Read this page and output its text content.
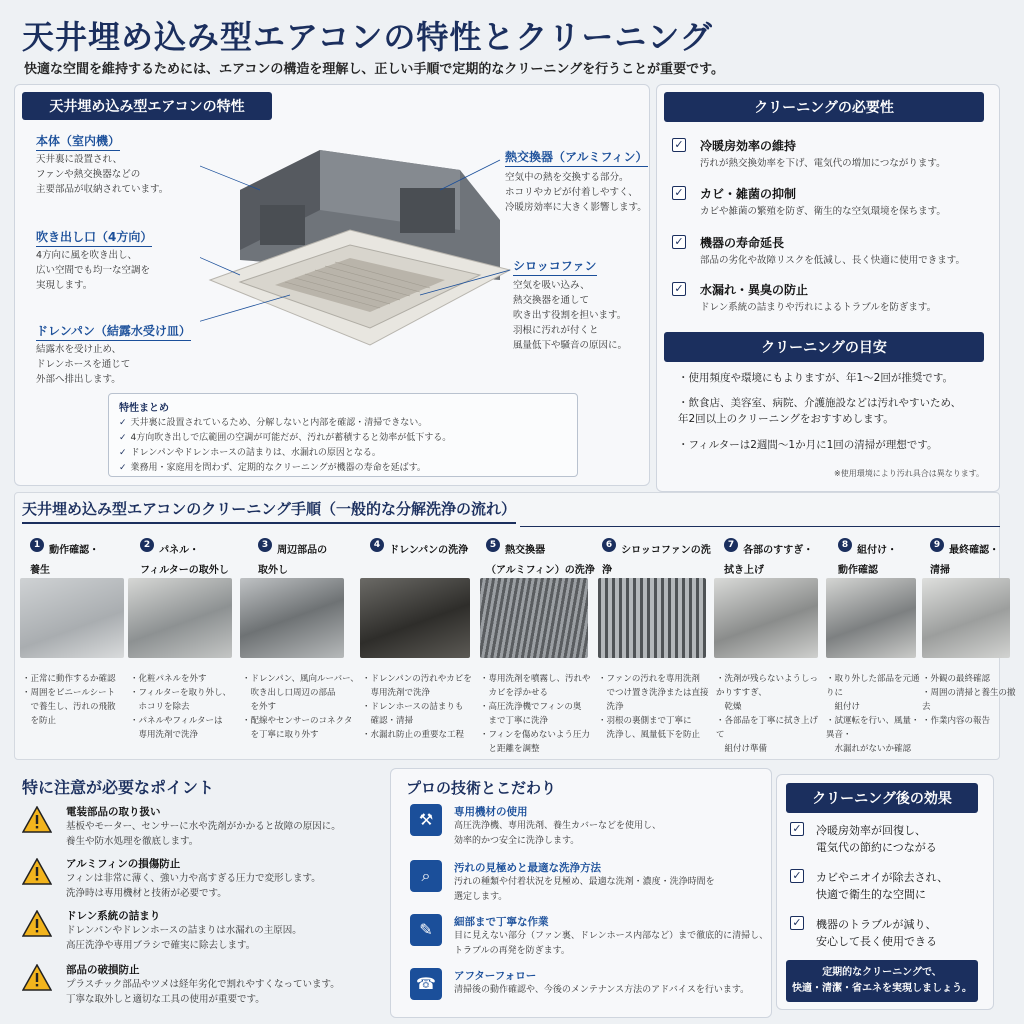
天井埋め込み型エアコンの特性とクリーニング
快適な空間を維持するためには、エアコンの構造を理解し、正しい手順で定期的なクリーニングを行うことが重要です。
天井埋め込み型エアコンの特性
本体（室内機）
天井裏に設置され、
ファンや熱交換器などの
主要部品が収納されています。
吹き出し口（4方向）
4方向に風を吹き出し、
広い空間でも均一な空調を
実現します。
ドレンパン（結露水受け皿）
結露水を受け止め、
ドレンホースを通じて
外部へ排出します。
熱交換器（アルミフィン）
空気中の熱を交換する部分。
ホコリやカビが付着しやすく、
冷暖房効率に大きく影響します。
シロッコファン
空気を吸い込み、
熱交換器を通して
吹き出す役割を担います。
羽根に汚れが付くと
風量低下や騒音の原因に。
特性まとめ
✓ 天井裏に設置されているため、分解しないと内部を確認・清掃できない。
✓ 4方向吹き出しで広範囲の空調が可能だが、汚れが蓄積すると効率が低下する。
✓ ドレンパンやドレンホースの詰まりは、水漏れの原因となる。
✓ 業務用・家庭用を問わず、定期的なクリーニングが機器の寿命を延ばす。
クリーニングの必要性
✓ 冷暖房効率の維持
汚れが熱交換効率を下げ、電気代の増加につながります。
✓ カビ・雑菌の抑制
カビや雑菌の繁殖を防ぎ、衛生的な空気環境を保ちます。
✓ 機器の寿命延長
部品の劣化や故障リスクを低減し、長く快適に使用できます。
✓ 水漏れ・異臭の防止
ドレン系統の詰まりや汚れによるトラブルを防ぎます。
クリーニングの目安
・ 使用頻度や環境にもよりますが、年1〜2回が推奨です。
・ 飲食店、美容室、病院、介護施設などは汚れやすいため、
年2回以上のクリーニングをおすすめします。
・ フィルターは2週間〜1か月に1回の清掃が理想です。
※使用環境により汚れ具合は異なります。
天井埋め込み型エアコンのクリーニング手順（一般的な分解洗浄の流れ）
1 動作確認・
養生
2 パネル・
フィルターの取外し
3 周辺部品の
取外し
4 ドレンパンの洗浄	5 熱交換器
（アルミフィン）の洗浄
6 シロッコファンの洗浄
7 各部のすすぎ・
拭き上げ
8 組付け・
動作確認
9 最終確認・
清掃
・正常に動作するか確認
・周囲をビニールシート
　で養生し、汚れの飛散
　を防止
・化粧パネルを外す
・フィルターを取り外し、
　ホコリを除去
・パネルやフィルターは
　専用洗剤で洗浄
・ドレンパン、風向ルーバー、
　吹き出し口周辺の部品
　を外す
・配線やセンサーのコネクタ
　を丁寧に取り外す
・ドレンパンの汚れやカビを
　専用洗剤で洗浄
・ドレンホースの詰まりも
　確認・清掃
・水漏れ防止の重要な工程
・専用洗剤を噴霧し、汚れや
　カビを浮かせる
・高圧洗浄機でフィンの奥
　まで丁寧に洗浄
・フィンを傷めないよう圧力
　と距離を調整
・ファンの汚れを専用洗剤
　でつけ置き洗浄または直接
　洗浄
・羽根の裏側まで丁寧に
　洗浄し、風量低下を防止
・洗剤が残らないようしっかりすすぎ、
　乾燥
・各部品を丁寧に拭き上げて
　組付け準備
・取り外した部品を元通りに
　組付け
・試運転を行い、風量・異音・
　水漏れがないか確認
・外観の最終確認
・周囲の清掃と養生の撤去
・作業内容の報告
特に注意が必要なポイント
電装部品の取り扱い
基板やモーター、センサーに水や洗剤がかかると故障の原因に。
養生や防水処理を徹底します。
アルミフィンの損傷防止
フィンは非常に薄く、強い力や高すぎる圧力で変形します。
洗浄時は専用機材と技術が必要です。
ドレン系統の詰まり
ドレンパンやドレンホースの詰まりは水漏れの主原因。
高圧洗浄や専用ブラシで確実に除去します。
部品の破損防止
プラスチック部品やツメは経年劣化で割れやすくなっています。
丁寧な取外しと適切な工具の使用が重要です。
プロの技術とこだわり
⚒	専用機材の使用
高圧洗浄機、専用洗剤、養生カバーなどを使用し、
効率的かつ安全に洗浄します。
⌕	汚れの見極めと最適な洗浄方法
汚れの種類や付着状況を見極め、最適な洗剤・濃度・洗浄時間を
選定します。
✎	細部まで丁寧な作業
目に見えない部分（ファン裏、ドレンホース内部など）まで徹底的に清掃し、
トラブルの再発を防ぎます。
☎	アフターフォロー
清掃後の動作確認や、今後のメンテナンス方法のアドバイスを行います。
クリーニング後の効果
✓ 冷暖房効率が回復し、
電気代の節約につながる
✓ カビやニオイが除去され、
快適で衛生的な空間に
✓ 機器のトラブルが減り、
安心して長く使用できる
定期的なクリーニングで、
快適・清潔・省エネを実現しましょう。
